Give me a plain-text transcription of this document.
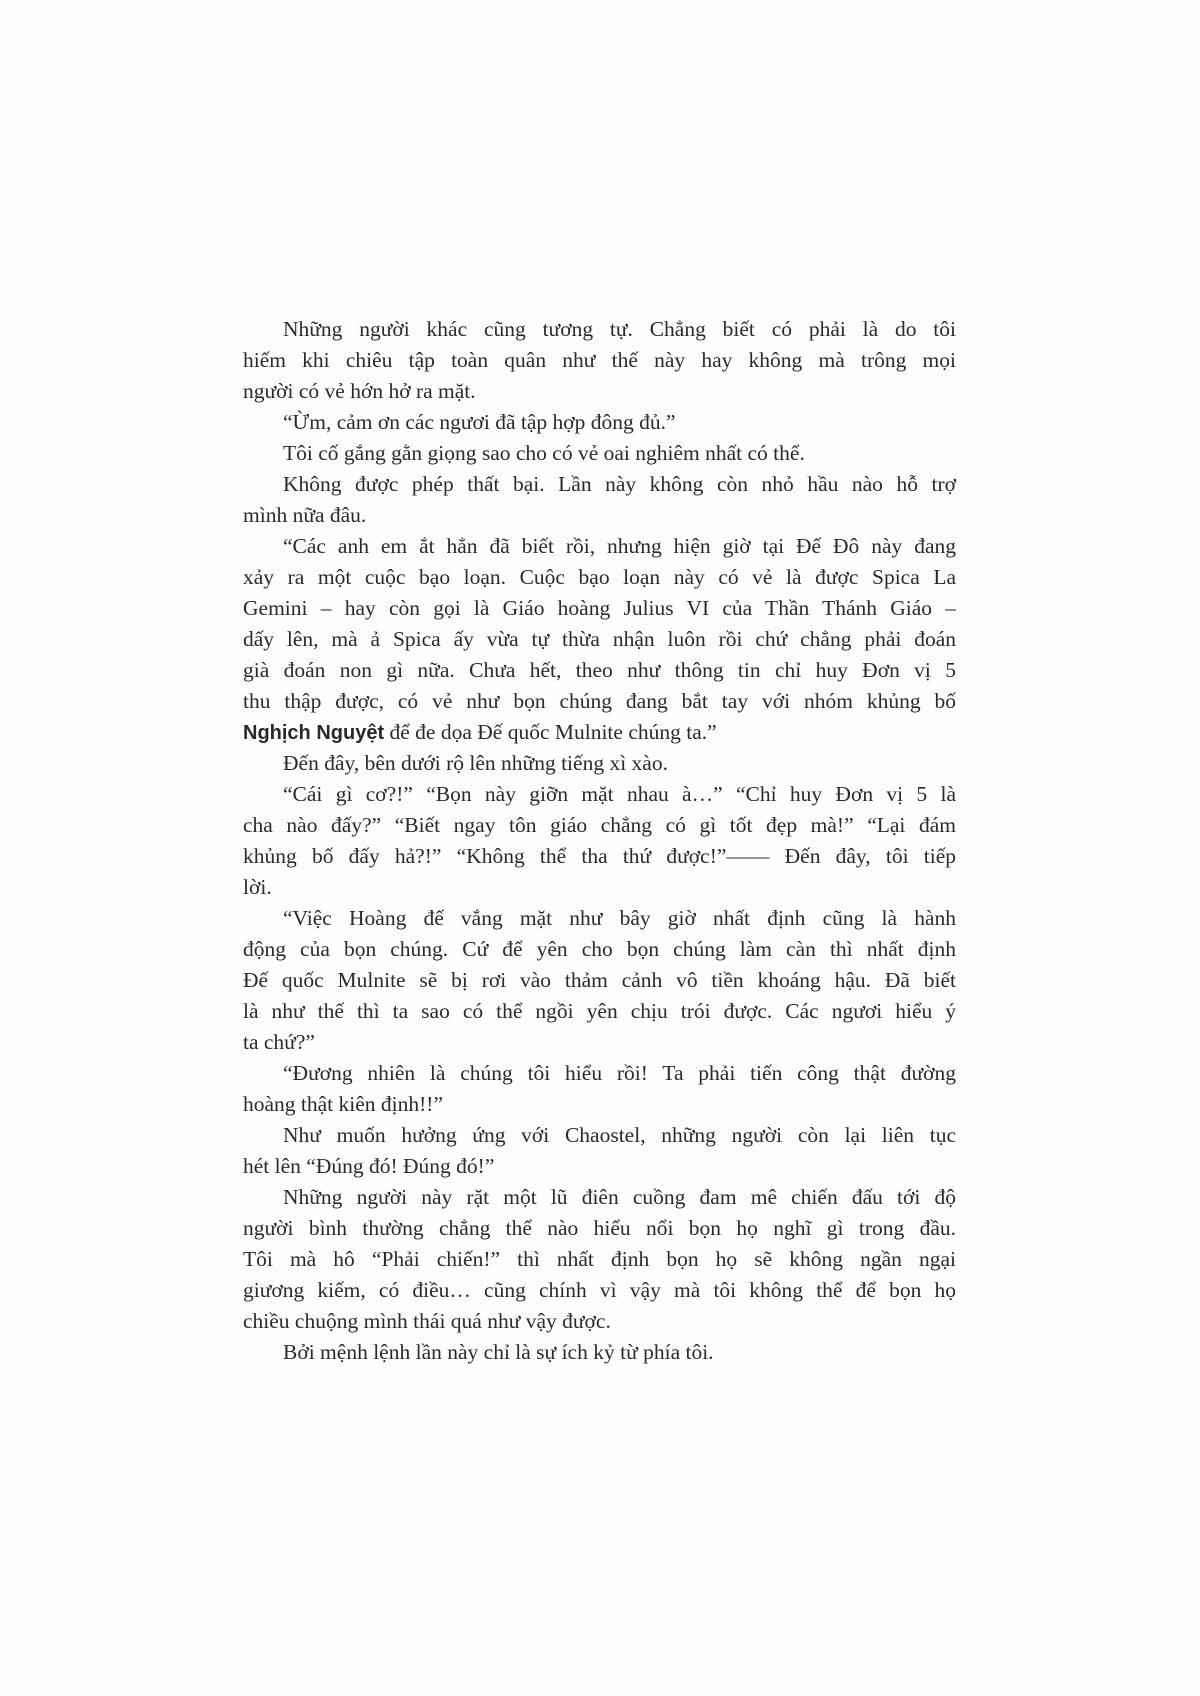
Những người khác cũng tương tự. Chẳng biết có phải là do tôi
hiếm khi chiêu tập toàn quân như thế này hay không mà trông mọi
người có vẻ hớn hở ra mặt.
“Ừm, cảm ơn các ngươi đã tập hợp đông đủ.”
Tôi cố gắng gằn giọng sao cho có vẻ oai nghiêm nhất có thể.
Không được phép thất bại. Lần này không còn nhỏ hầu nào hỗ trợ
mình nữa đâu.
“Các anh em ắt hẳn đã biết rồi, nhưng hiện giờ tại Đế Đô này đang
xảy ra một cuộc bạo loạn. Cuộc bạo loạn này có vẻ là được Spica La
Gemini – hay còn gọi là Giáo hoàng Julius VI của Thần Thánh Giáo –
dấy lên, mà ả Spica ấy vừa tự thừa nhận luôn rồi chứ chẳng phải đoán
già đoán non gì nữa. Chưa hết, theo như thông tin chỉ huy Đơn vị 5
thu thập được, có vẻ như bọn chúng đang bắt tay với nhóm khủng bố
Nghịch Nguyệt để đe dọa Đế quốc Mulnite chúng ta.”
Đến đây, bên dưới rộ lên những tiếng xì xào.
“Cái gì cơ?!” “Bọn này giỡn mặt nhau à…” “Chỉ huy Đơn vị 5 là
cha nào đấy?” “Biết ngay tôn giáo chẳng có gì tốt đẹp mà!” “Lại đám
khủng bố đấy hả?!” “Không thể tha thứ được!”—— Đến đây, tôi tiếp
lời.
“Việc Hoàng đế vắng mặt như bây giờ nhất định cũng là hành
động của bọn chúng. Cứ để yên cho bọn chúng làm càn thì nhất định
Đế quốc Mulnite sẽ bị rơi vào thảm cảnh vô tiền khoáng hậu. Đã biết
là như thế thì ta sao có thể ngồi yên chịu trói được. Các ngươi hiểu ý
ta chứ?”
“Đương nhiên là chúng tôi hiểu rồi! Ta phải tiến công thật đường
hoàng thật kiên định!!”
Như muốn hưởng ứng với Chaostel, những người còn lại liên tục
hét lên “Đúng đó! Đúng đó!”
Những người này rặt một lũ điên cuồng đam mê chiến đấu tới độ
người bình thường chẳng thể nào hiểu nổi bọn họ nghĩ gì trong đầu.
Tôi mà hô “Phải chiến!” thì nhất định bọn họ sẽ không ngần ngại
giương kiếm, có điều… cũng chính vì vậy mà tôi không thể để bọn họ
chiều chuộng mình thái quá như vậy được.
Bởi mệnh lệnh lần này chỉ là sự ích kỷ từ phía tôi.
